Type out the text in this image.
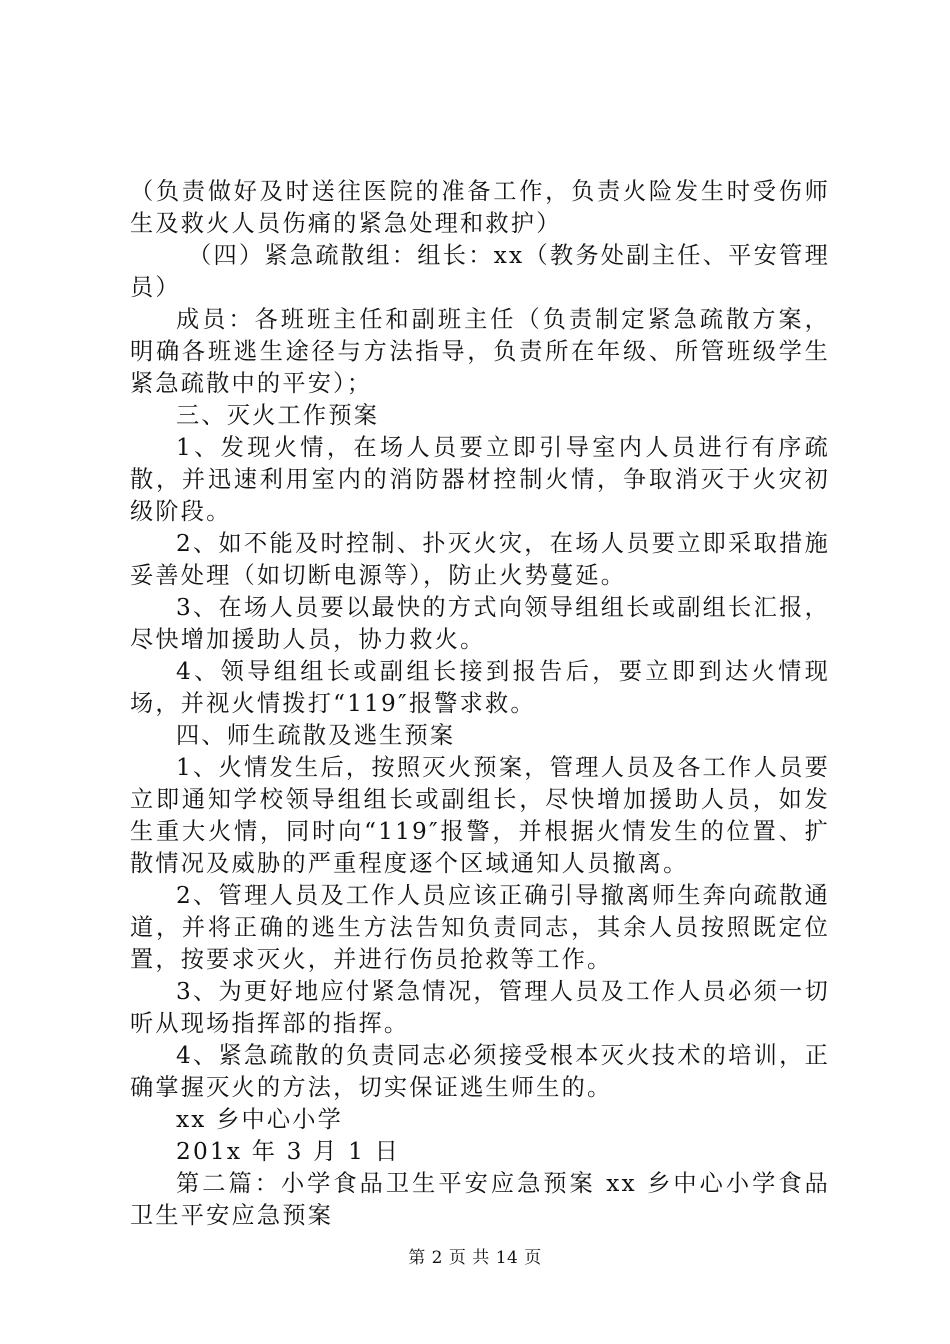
（负责做好及时送往医院的准备工作，负责火险发生时受伤师生及救火人员伤痛的紧急处理和救护）

（四）紧急疏散组：组长：xx（教务处副主任、平安管理员）

成员：各班班主任和副班主任（负责制定紧急疏散方案，明确各班逃生途径与方法指导，负责所在年级、所管班级学生紧急疏散中的平安）；

三、灭火工作预案

1、发现火情，在场人员要立即引导室内人员进行有序疏散，并迅速利用室内的消防器材控制火情，争取消灭于火灾初级阶段。

2、如不能及时控制、扑灭火灾，在场人员要立即采取措施妥善处理（如切断电源等），防止火势蔓延。

3、在场人员要以最快的方式向领导组组长或副组长汇报，尽快增加援助人员，协力救火。

4、领导组组长或副组长接到报告后，要立即到达火情现场，并视火情拨打“119″报警求救。

四、师生疏散及逃生预案

1、火情发生后，按照灭火预案，管理人员及各工作人员要立即通知学校领导组组长或副组长，尽快增加援助人员，如发生重大火情，同时向“119″报警，并根据火情发生的位置、扩散情况及威胁的严重程度逐个区域通知人员撤离。

2、管理人员及工作人员应该正确引导撤离师生奔向疏散通道，并将正确的逃生方法告知负责同志，其余人员按照既定位置，按要求灭火，并进行伤员抢救等工作。

3、为更好地应付紧急情况，管理人员及工作人员必须一切听从现场指挥部的指挥。

4、紧急疏散的负责同志必须接受根本灭火技术的培训，正确掌握灭火的方法，切实保证逃生师生的。

xx 乡中心小学

201x 年 3 月 1 日

第二篇：小学食品卫生平安应急预案 xx 乡中心小学食品卫生平安应急预案

第 2 页 共 14 页
